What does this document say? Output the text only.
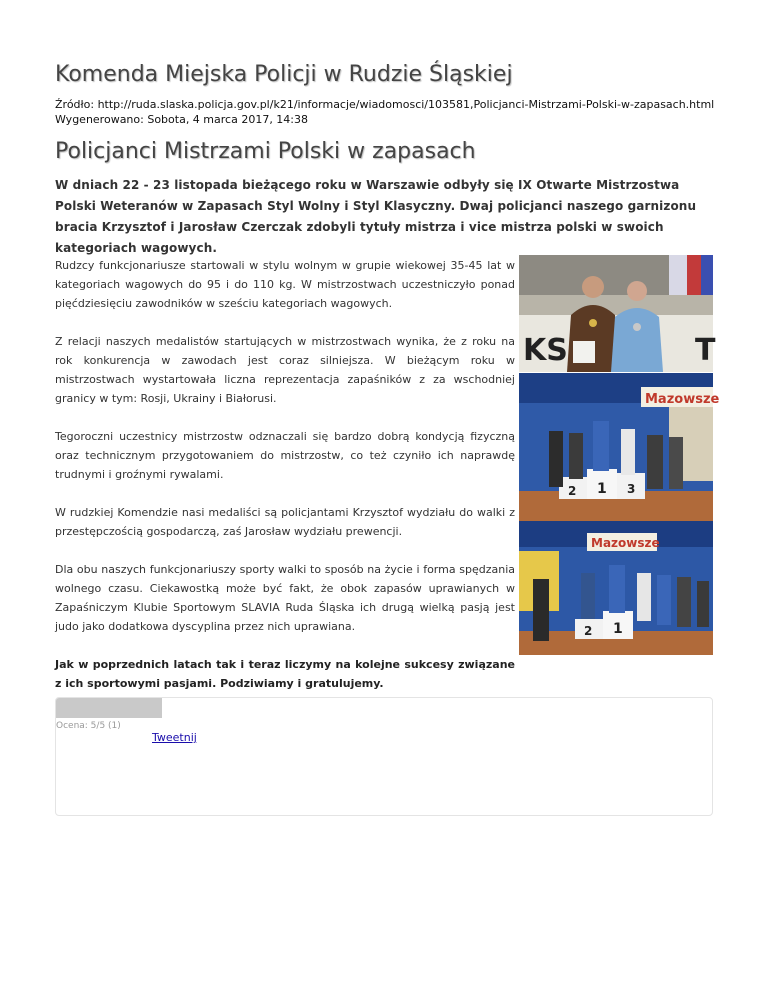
Komenda Miejska Policji w Rudzie Śląskiej
Źródło: http://ruda.slaska.policja.gov.pl/k21/informacje/wiadomosci/103581,Policjanci-Mistrzami-Polski-w-zapasach.html
Wygenerowano: Sobota, 4 marca 2017, 14:38
Policjanci Mistrzami Polski w zapasach

W dniach 22 - 23 listopada bieżącego roku w Warszawie odbyły się IX Otwarte Mistrzostwa Polski Weteranów w Zapasach Styl Wolny i Styl Klasyczny. Dwaj policjanci naszego garnizonu bracia Krzysztof i Jarosław Czerczak zdobyli tytuły mistrza i vice mistrza polski w swoich kategoriach wagowych.

Rudzcy funkcjonariusze startowali w stylu wolnym w grupie wiekowej 35-45 lat w kategoriach wagowych do 95 i do 110 kg. W mistrzostwach uczestniczyło ponad pięćdziesięciu zawodników w sześciu kategoriach wagowych.

Z relacji naszych medalistów startujących w mistrzostwach wynika, że z roku na rok konkurencja w zawodach jest coraz silniejsza. W bieżącym roku w mistrzostwach wystartowała liczna reprezentacja zapaśników z za wschodniej granicy w tym: Rosji, Ukrainy i Białorusi.

Tegoroczni uczestnicy mistrzostw odznaczali się bardzo dobrą kondycją fizyczną oraz technicznym przygotowaniem do mistrzostw, co też czyniło ich naprawdę trudnymi i groźnymi rywalami.

W rudzkiej Komendzie nasi medaliści są policjantami Krzysztof wydziału do walki z przestępczością gospodarczą, zaś Jarosław wydziału prewencji.

Dla obu naszych funkcjonariuszy sporty walki to sposób na życie i forma spędzania wolnego czasu. Ciekawostką może być fakt, że obok zapasów uprawianych w Zapaśniczym Klubie Sportowym SLAVIA Ruda Śląska ich drugą wielką pasją jest judo jako dodatkowa dyscyplina przez nich uprawiana.

Jak w poprzednich latach tak i teraz liczymy na kolejne sukcesy związane z ich sportowymi pasjami. Podziwiamy i gratulujemy.

KS	T
Mazowsze
2 1 3
Mazowsze
2 1
Ocena: 5/5 (1)
Tweetnij
